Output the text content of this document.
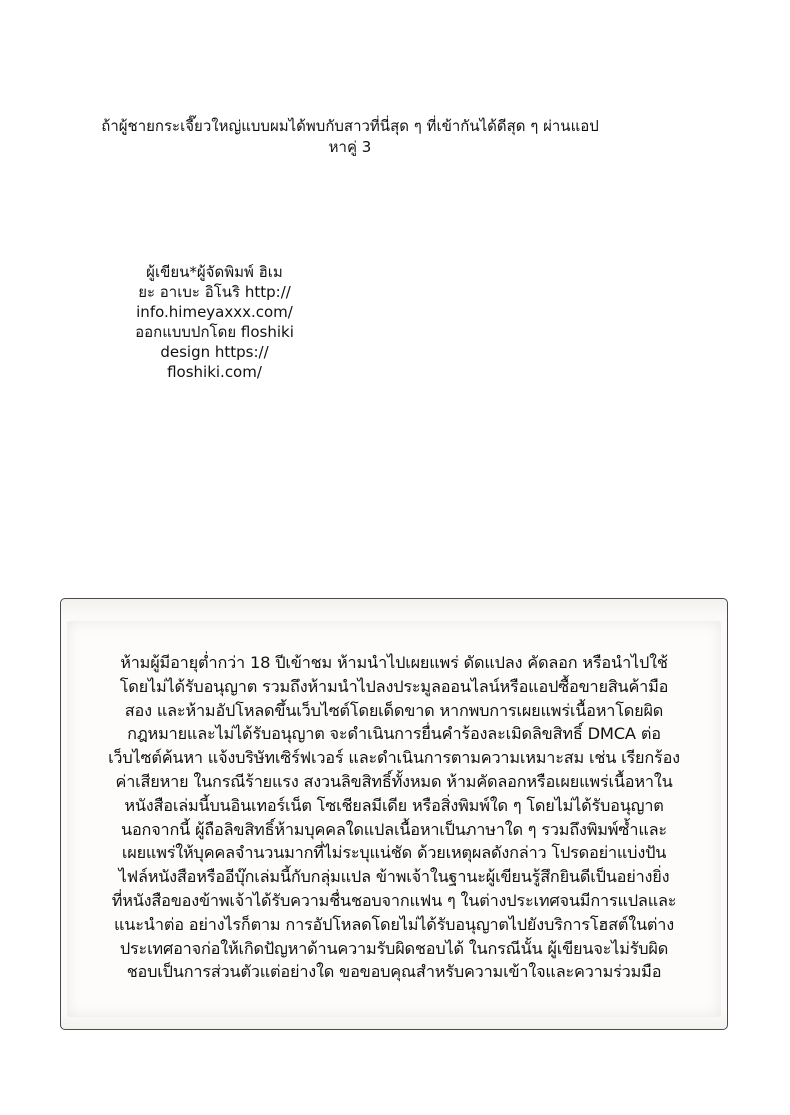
ถ้าผู้ชายกระเจี๊ยวใหญ่แบบผมได้พบกับสาวที่นี่สุด ๆ ที่เข้ากันได้ดีสุด ๆ ผ่านแอป
หาคู่ 3
ผู้เขียน*ผู้จัดพิมพ์ ฮิเม
ยะ อาเบะ อิโนริ http://
info.himeyaxxx.com/
ออกแบบปกโดย floshiki
design https://
floshiki.com/
ห้ามผู้มีอายุต่ำกว่า 18 ปีเข้าชม ห้ามนำไปเผยแพร่ ดัดแปลง คัดลอก หรือนำไปใช้
โดยไม่ได้รับอนุญาต รวมถึงห้ามนำไปลงประมูลออนไลน์หรือแอปซื้อขายสินค้ามือ
สอง และห้ามอัปโหลดขึ้นเว็บไซต์โดยเด็ดขาด หากพบการเผยแพร่เนื้อหาโดยผิด
กฎหมายและไม่ได้รับอนุญาต จะดำเนินการยื่นคำร้องละเมิดลิขสิทธิ์ DMCA ต่อ
เว็บไซต์ค้นหา แจ้งบริษัทเซิร์ฟเวอร์ และดำเนินการตามความเหมาะสม เช่น เรียกร้อง
ค่าเสียหาย ในกรณีร้ายแรง สงวนลิขสิทธิ์ทั้งหมด ห้ามคัดลอกหรือเผยแพร่เนื้อหาใน
หนังสือเล่มนี้บนอินเทอร์เน็ต โซเชียลมีเดีย หรือสิ่งพิมพ์ใด ๆ โดยไม่ได้รับอนุญาต
นอกจากนี้ ผู้ถือลิขสิทธิ์ห้ามบุคคลใดแปลเนื้อหาเป็นภาษาใด ๆ รวมถึงพิมพ์ซ้ำและ
เผยแพร่ให้บุคคลจำนวนมากที่ไม่ระบุแน่ชัด ด้วยเหตุผลดังกล่าว โปรดอย่าแบ่งปัน
ไฟล์หนังสือหรืออีบุ๊กเล่มนี้กับกลุ่มแปล ข้าพเจ้าในฐานะผู้เขียนรู้สึกยินดีเป็นอย่างยิ่ง
ที่หนังสือของข้าพเจ้าได้รับความชื่นชอบจากแฟน ๆ ในต่างประเทศจนมีการแปลและ
แนะนำต่อ อย่างไรก็ตาม การอัปโหลดโดยไม่ได้รับอนุญาตไปยังบริการโฮสต์ในต่าง
ประเทศอาจก่อให้เกิดปัญหาด้านความรับผิดชอบได้ ในกรณีนั้น ผู้เขียนจะไม่รับผิด
ชอบเป็นการส่วนตัวแต่อย่างใด ขอขอบคุณสำหรับความเข้าใจและความร่วมมือ
